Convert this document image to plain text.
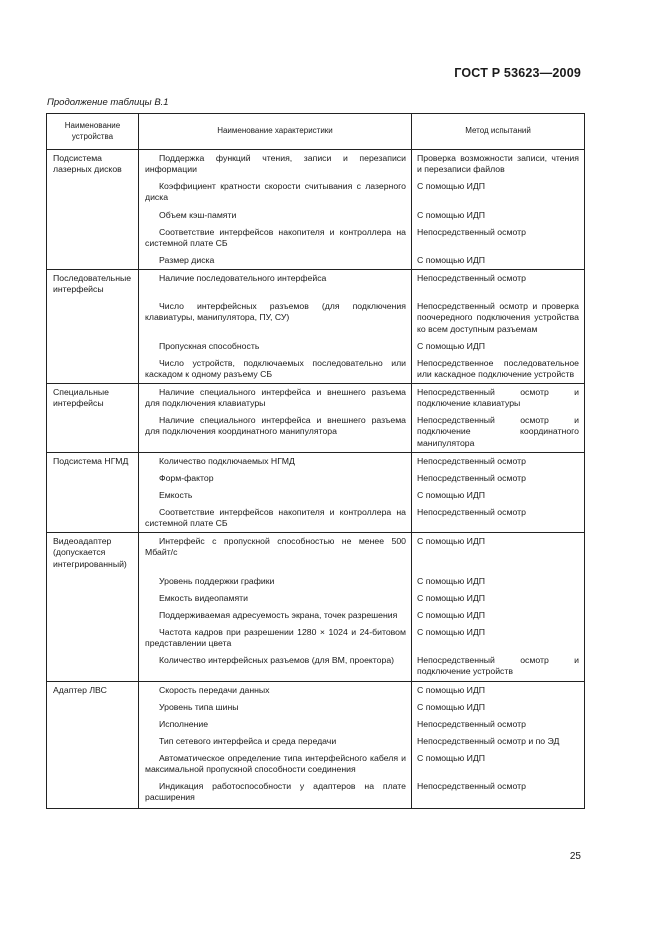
ГОСТ Р 53623—2009
Продолжение таблицы В.1
Наименование устройства	Наименование характеристики	Метод испытаний
Подсистема лазерных дисков	Поддержка функций чтения, записи и перезаписи информации	Проверка возможности записи, чтения и перезаписи файлов
	Коэффициент кратности скорости считывания с лазерного диска	С помощью ИДП
	Объем кэш-памяти	С помощью ИДП
	Соответствие интерфейсов накопителя и контроллера на системной плате СБ	Непосредственный осмотр
	Размер диска	С помощью ИДП
Последовательные интерфейсы	Наличие последовательного интерфейса	Непосредственный осмотр
	Число интерфейсных разъемов (для подключения клавиатуры, манипулятора, ПУ, СУ)	Непосредственный осмотр и проверка поочередного подключения устройства ко всем доступным разъемам
	Пропускная способность	С помощью ИДП
	Число устройств, подключаемых последовательно или каскадом к одному разъему СБ	Непосредственное последовательное или каскадное подключение устройств
Специальные интерфейсы	Наличие специального интерфейса и внешнего разъема для подключения клавиатуры	Непосредственный осмотр и подключение клавиатуры
	Наличие специального интерфейса и внешнего разъема для подключения координатного манипулятора	Непосредственный осмотр и подключение координатного манипулятора
Подсистема НГМД	Количество подключаемых НГМД	Непосредственный осмотр
	Форм-фактор	Непосредственный осмотр
	Емкость	С помощью ИДП
	Соответствие интерфейсов накопителя и контроллера на системной плате СБ	Непосредственный осмотр
Видеоадаптер (допускается интегрированный)	Интерфейс с пропускной способностью не менее 500 Мбайт/с	С помощью ИДП
	Уровень поддержки графики	С помощью ИДП
	Емкость видеопамяти	С помощью ИДП
	Поддерживаемая адресуемость экрана, точек разрешения	С помощью ИДП
	Частота кадров при разрешении 1280 × 1024 и 24-битовом представлении цвета	С помощью ИДП
	Количество интерфейсных разъемов (для ВМ, проектора)	Непосредственный осмотр и подключение устройств
Адаптер ЛВС	Скорость передачи данных	С помощью ИДП
	Уровень типа шины	С помощью ИДП
	Исполнение	Непосредственный осмотр
	Тип сетевого интерфейса и среда передачи	Непосредственный осмотр и по ЭД
	Автоматическое определение типа интерфейсного кабеля и максимальной пропускной способности соединения	С помощью ИДП
	Индикация работоспособности у адаптеров на плате расширения	Непосредственный осмотр
25
